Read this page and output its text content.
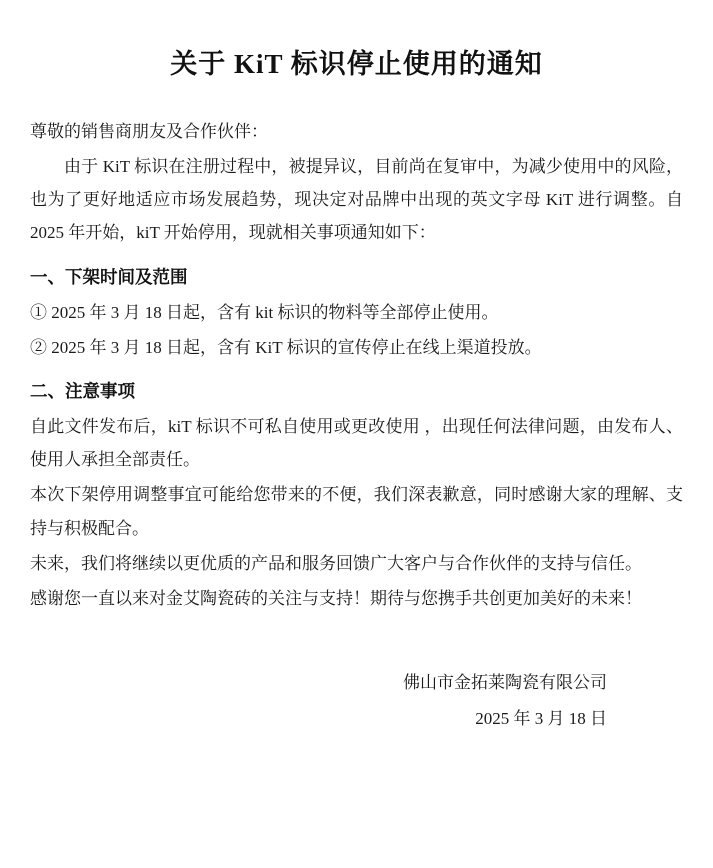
关于 KiT 标识停止使用的通知

尊敬的销售商朋友及合作伙伴：

由于 KiT 标识在注册过程中，被提异议，目前尚在复审中，为减少使用中的风险，也为了更好地适应市场发展趋势，现决定对品牌中出现的英文字母 KiT 进行调整。自 2025 年开始，kiT 开始停用，现就相关事项通知如下：

一、下架时间及范围

① 2025 年 3 月 18 日起，含有 kit 标识的物料等全部停止使用。

② 2025 年 3 月 18 日起，含有 KiT 标识的宣传停止在线上渠道投放。

二、注意事项

自此文件发布后，kiT 标识不可私自使用或更改使用 ，出现任何法律问题，由发布人、使用人承担全部责任。

本次下架停用调整事宜可能给您带来的不便，我们深表歉意，同时感谢大家的理解、支持与积极配合。

未来，我们将继续以更优质的产品和服务回馈广大客户与合作伙伴的支持与信任。

感谢您一直以来对金艾陶瓷砖的关注与支持！期待与您携手共创更加美好的未来！

佛山市金拓莱陶瓷有限公司
2025 年 3 月 18 日
